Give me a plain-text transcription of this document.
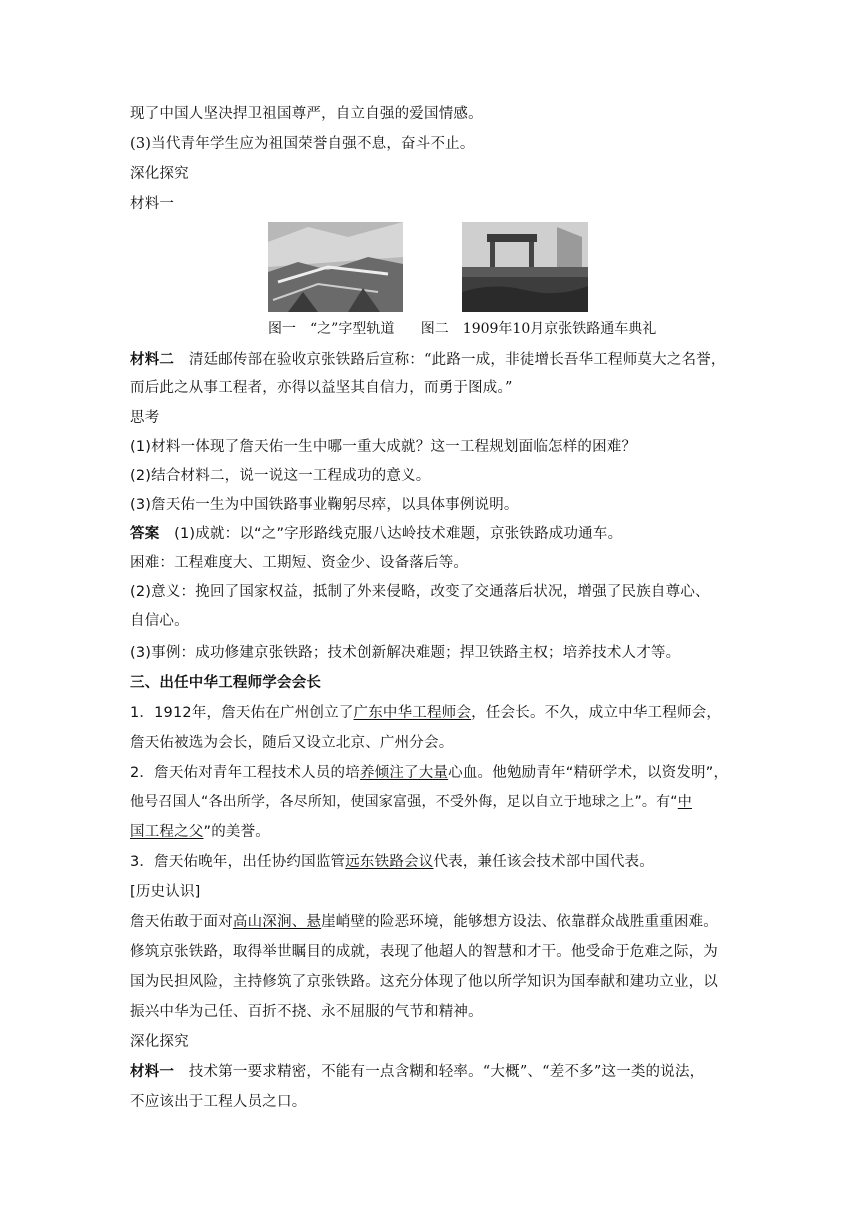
现了中国人坚决捍卫祖国尊严，自立自强的爱国情感。
(3)当代青年学生应为祖国荣誉自强不息，奋斗不止。
深化探究
材料一
图一　“之”字型轨道 图二　1909年10月京张铁路通车典礼
材料二　 清廷邮传部在验收京张铁路后宣称：“此路一成，非徒增长吾华工程师莫大之名誉，
而后此之从事工程者，亦得以益坚其自信力，而勇于图成。”
思考
(1)材料一体现了詹天佑一生中哪一重大成就？这一工程规划面临怎样的困难？
(2)结合材料二，说一说这一工程成功的意义。
(3)詹天佑一生为中国铁路事业鞠躬尽瘁，以具体事例说明。
答案　 (1)成就：以“之”字形路线克服八达岭技术难题，京张铁路成功通车。
困难：工程难度大、工期短、资金少、设备落后等。
(2)意义：挽回了国家权益，抵制了外来侵略，改变了交通落后状况，增强了民族自尊心、
自信心。
(3)事例：成功修建京张铁路；技术创新解决难题；捍卫铁路主权；培养技术人才等。
三、出任中华工程师学会会长
1．1912年，詹天佑在广州创立了广东中华工程师会，任会长。不久，成立中华工程师会，
詹天佑被选为会长，随后又设立北京、广州分会。
2．詹天佑对青年工程技术人员的培养倾注了大量心血。他勉励青年“精研学术，以资发明”，
他号召国人“各出所学，各尽所知，使国家富强，不受外侮，足以自立于地球之上”。有“中
国工程之父”的美誉。
3．詹天佑晚年，出任协约国监管远东铁路会议代表，兼任该会技术部中国代表。
[历史认识]
詹天佑敢于面对高山深涧、悬崖峭壁的险恶环境，能够想方设法、依靠群众战胜重重困难。
修筑京张铁路，取得举世瞩目的成就，表现了他超人的智慧和才干。他受命于危难之际，为
国为民担风险，主持修筑了京张铁路。这充分体现了他以所学知识为国奉献和建功立业，以
振兴中华为己任、百折不挠、永不屈服的气节和精神。
深化探究
材料一　 技术第一要求精密，不能有一点含糊和轻率。“大概”、“差不多”这一类的说法，
不应该出于工程人员之口。
